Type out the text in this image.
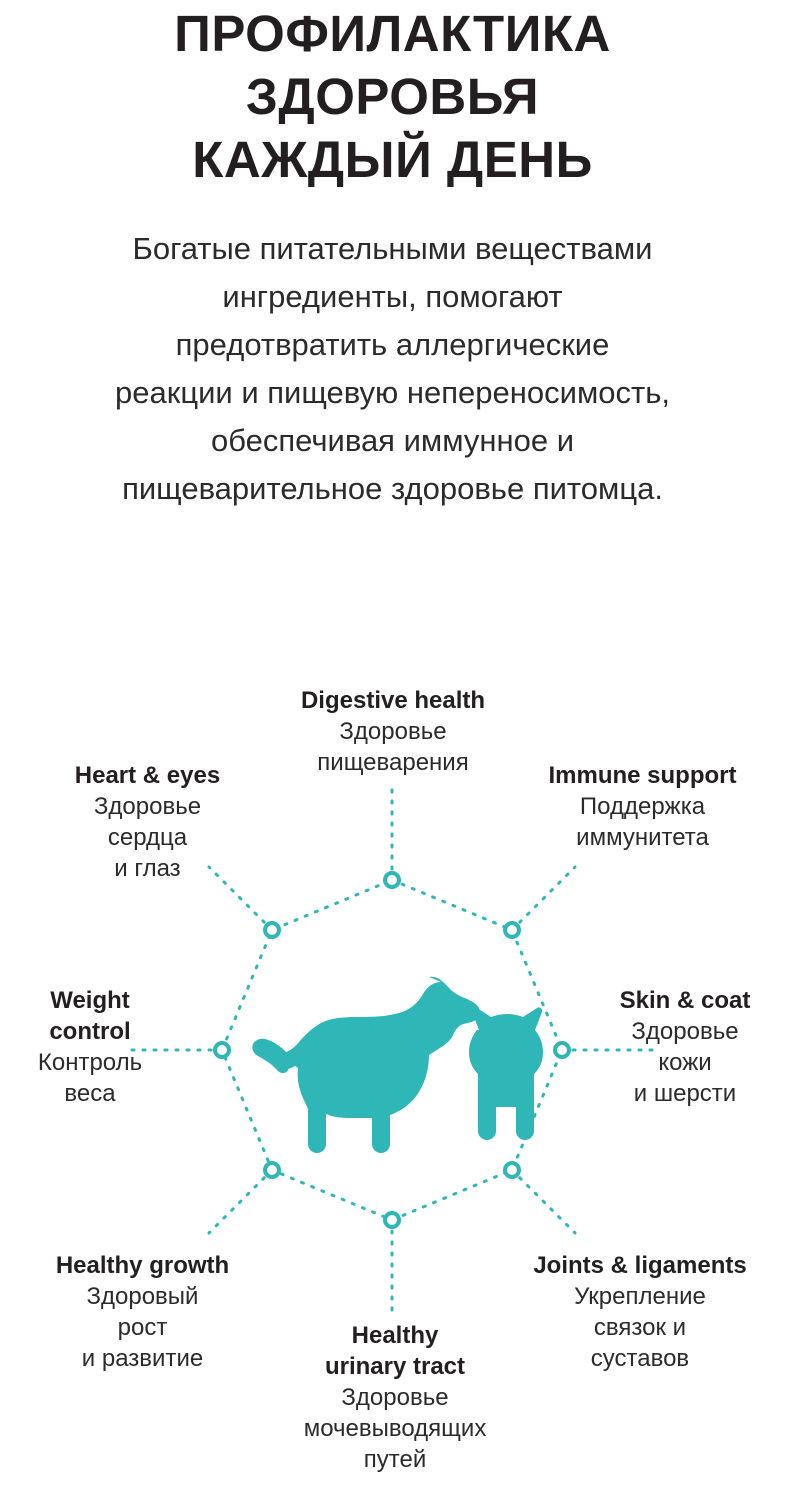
ПРОФИЛАКТИКА
ЗДОРОВЬЯ
КАЖДЫЙ ДЕНЬ
Богатые питательными веществами
ингредиенты, помогают
предотвратить аллергические
реакции и пищевую непереносимость,
обеспечивая иммунное и
пищеварительное здоровье питомца.
Digestive health
Здоровье
пищеварения	Immune support
Поддержка
иммунитета
Skin & coat
Здоровье
кожи
и шерсти
Joints & ligaments
Укрепление
связок и
суставов
Healthy
urinary tract
Здоровье
мочевыводящих
путей
Healthy growth
Здоровый
рост
и развитие
Weight
control
Контроль
веса
Heart & eyes
Здоровье
сердца
и глаз
